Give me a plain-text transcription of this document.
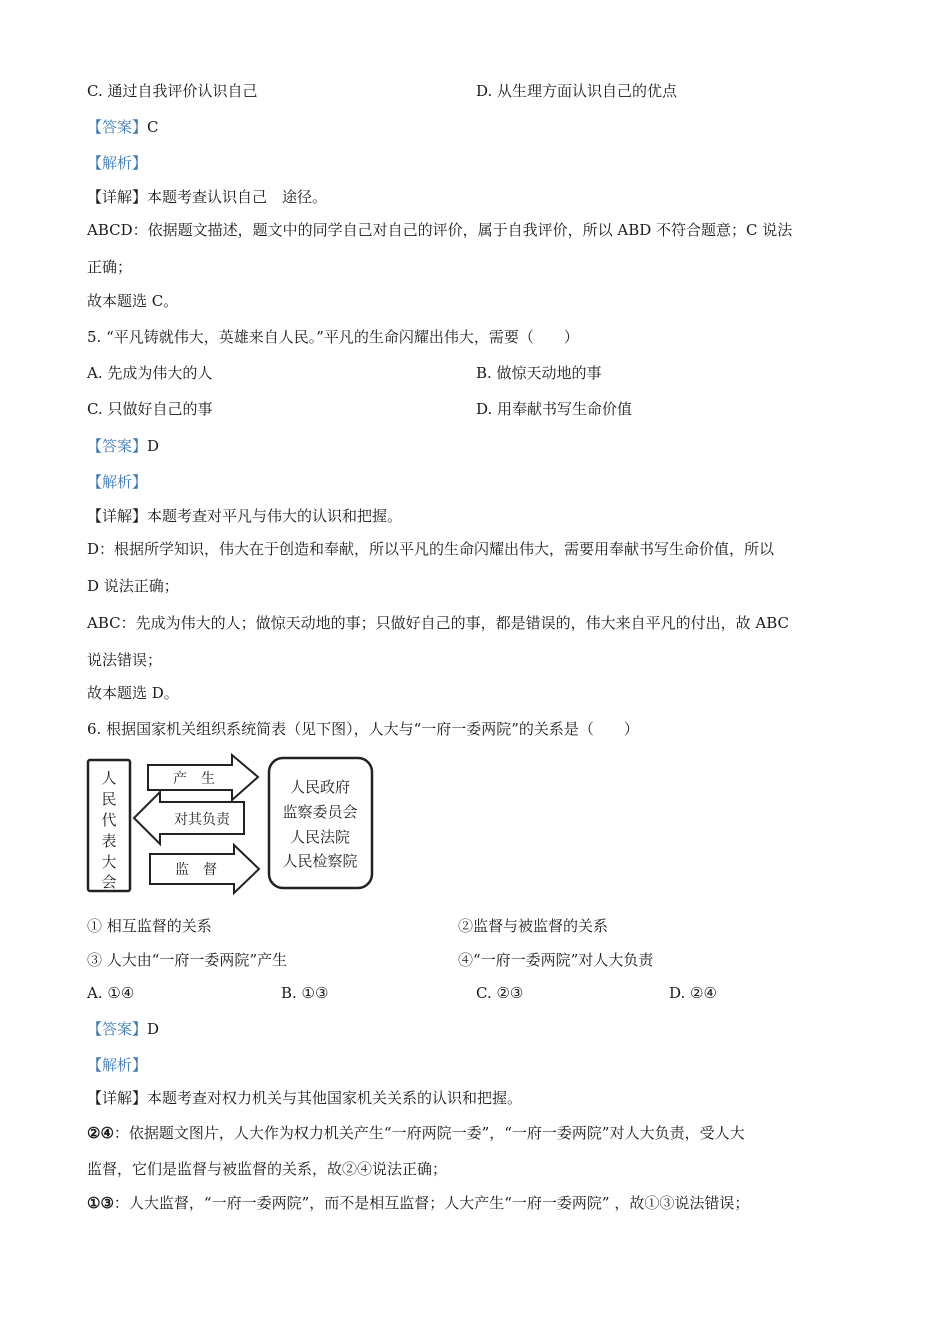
C. 通过自我评价认识自己	D. 从生理方面认识自己的优点
【答案】C
【解析】
【详解】本题考查认识自己　途径。
ABCD：依据题文描述，题文中的同学自己对自己的评价，属于自我评价，所以 ABD 不符合题意；C 说法
正确；
故本题选 C。
5. “平凡铸就伟大，英雄来自人民。”平凡的生命闪耀出伟大，需要（　　）
A. 先成为伟大的人	B. 做惊天动地的事
C. 只做好自己的事	D. 用奉献书写生命价值
【答案】D
【解析】
【详解】本题考查对平凡与伟大的认识和把握。
D：根据所学知识，伟大在于创造和奉献，所以平凡的生命闪耀出伟大，需要用奉献书写生命价值，所以
D 说法正确；
ABC：先成为伟大的人；做惊天动地的事；只做好自己的事，都是错误的，伟大来自平凡的付出，故 ABC
说法错误；
故本题选 D。
6. 根据国家机关组织系统简表（见下图），人大与“一府一委两院”的关系是（　　）
人
民
代
表
大
会
产　生
对其负责
监　督
人民政府
监察委员会
人民法院
人民检察院
① 相互监督的关系	②监督与被监督的关系
③ 人大由“一府一委两院”产生	④“一府一委两院”对人大负责
A. ①④	B. ①③	C. ②③	D. ②④
【答案】D
【解析】
【详解】本题考查对权力机关与其他国家机关关系的认识和把握。
②④：依据题文图片，人大作为权力机关产生“一府两院一委”，“一府一委两院”对人大负责，受人大
监督，它们是监督与被监督的关系，故②④说法正确；
①③：人大监督，“一府一委两院”，而不是相互监督；人大产生“一府一委两院” ，故①③说法错误；
